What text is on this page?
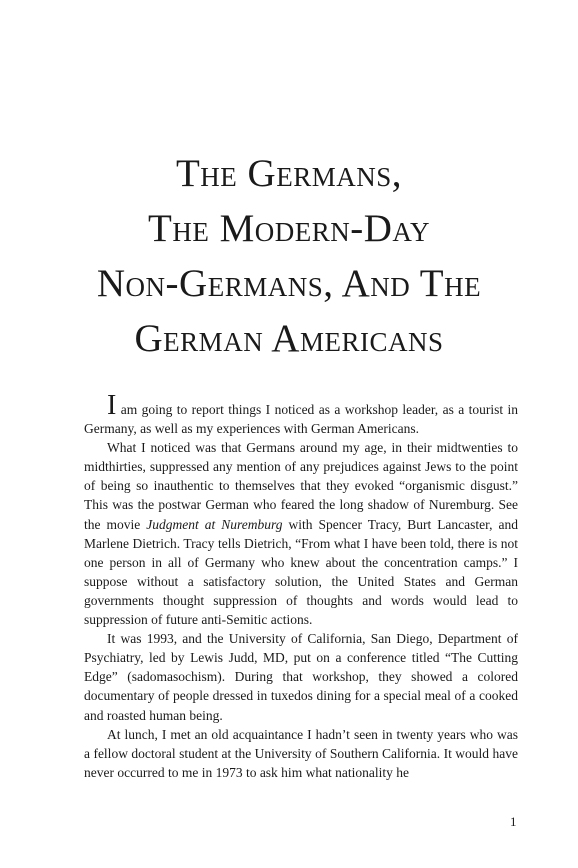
The Germans,
The Modern-Day
Non-Germans, And The
German Americans

I am going to report things I noticed as a workshop leader, as a tourist in Germany, as well as my experiences with German Americans.

What I noticed was that Germans around my age, in their midtwenties to midthirties, suppressed any mention of any prejudices against Jews to the point of being so inauthentic to themselves that they evoked “organismic disgust.” This was the postwar German who feared the long shadow of Nuremburg. See the movie Judgment at Nuremburg with Spencer Tracy, Burt Lancaster, and Marlene Dietrich. Tracy tells Dietrich, “From what I have been told, there is not one person in all of Germany who knew about the concentration camps.” I suppose without a satisfactory solution, the United States and German governments thought suppression of thoughts and words would lead to suppression of future anti-Semitic actions.

It was 1993, and the University of California, San Diego, Department of Psychiatry, led by Lewis Judd, MD, put on a conference titled “The Cutting Edge” (sadomasochism). During that workshop, they showed a colored documentary of people dressed in tuxedos dining for a special meal of a cooked and roasted human being.

At lunch, I met an old acquaintance I hadn’t seen in twenty years who was a fellow doctoral student at the University of Southern California. It would have never occurred to me in 1973 to ask him what nationality he

1
